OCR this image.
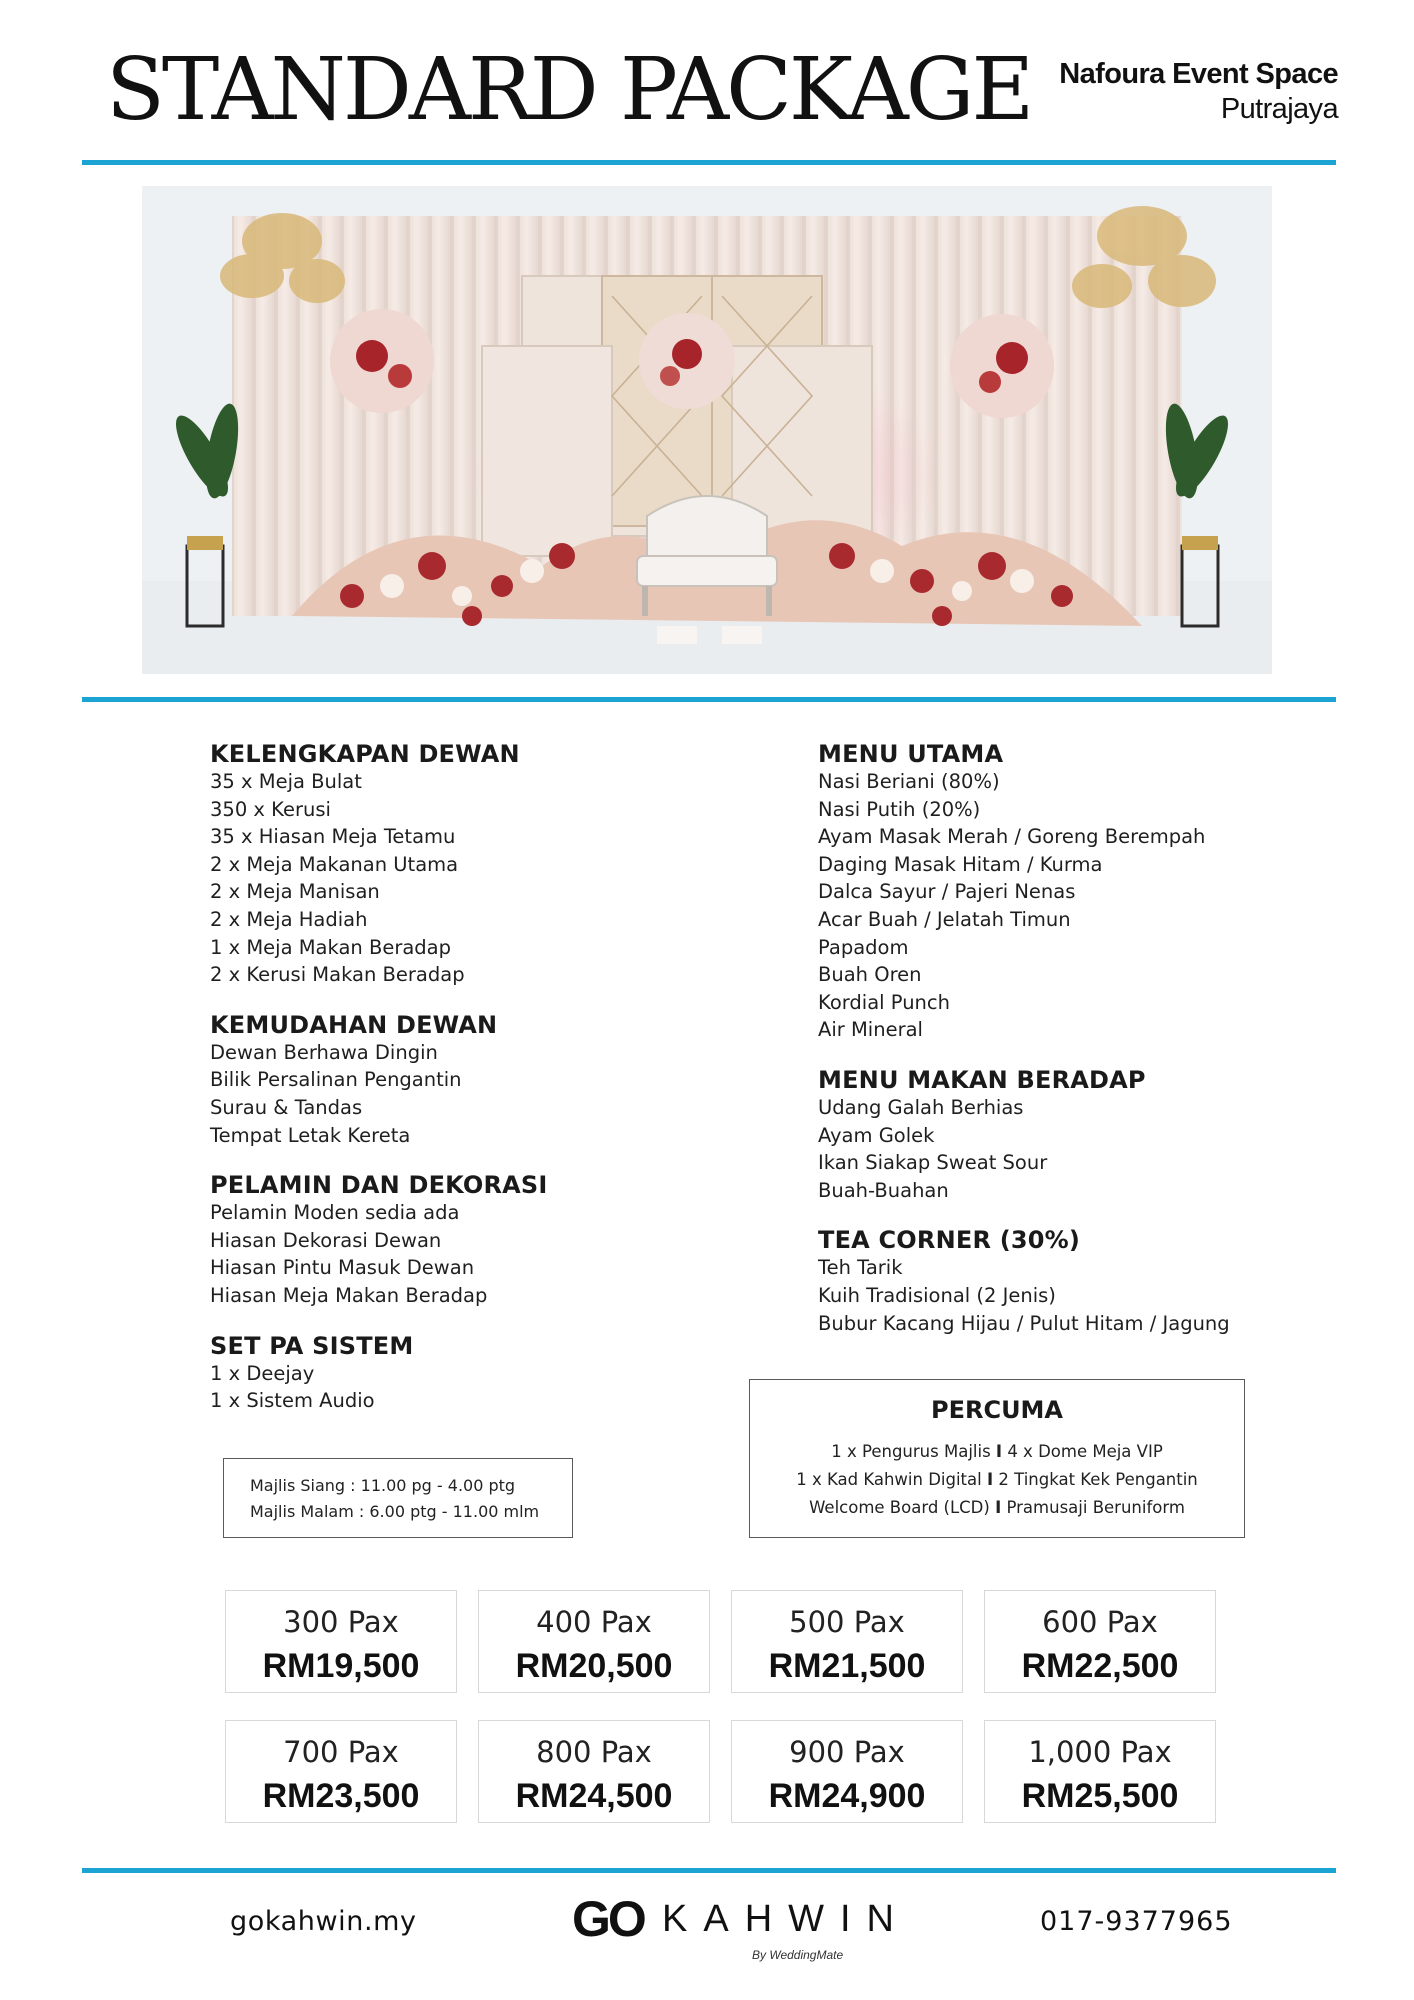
STANDARD PACKAGE Nafoura Event Space
Putrajaya
KELENGKAPAN DEWAN
35 x Meja Bulat
350 x Kerusi
35 x Hiasan Meja Tetamu
2 x Meja Makanan Utama
2 x Meja Manisan
2 x Meja Hadiah
1 x Meja Makan Beradap
2 x Kerusi Makan Beradap
KEMUDAHAN DEWAN
Dewan Berhawa Dingin
Bilik Persalinan Pengantin
Surau & Tandas
Tempat Letak Kereta
PELAMIN DAN DEKORASI
Pelamin Moden sedia ada
Hiasan Dekorasi Dewan
Hiasan Pintu Masuk Dewan
Hiasan Meja Makan Beradap
SET PA SISTEM
1 x Deejay
1 x Sistem Audio
MENU UTAMA
Nasi Beriani (80%)
Nasi Putih (20%)
Ayam Masak Merah / Goreng Berempah
Daging Masak Hitam / Kurma
Dalca Sayur / Pajeri Nenas
Acar Buah / Jelatah Timun
Papadom
Buah Oren
Kordial Punch
Air Mineral
MENU MAKAN BERADAP
Udang Galah Berhias
Ayam Golek
Ikan Siakap Sweat Sour
Buah-Buahan
TEA CORNER (30%)
Teh Tarik
Kuih Tradisional (2 Jenis)
Bubur Kacang Hijau / Pulut Hitam / Jagung
PERCUMA
1 x Pengurus Majlis I 4 x Dome Meja VIP
1 x Kad Kahwin Digital I 2 Tingkat Kek Pengantin
Welcome Board (LCD) I Pramusaji Beruniform
Majlis Siang : 11.00 pg - 4.00 ptg
Majlis Malam : 6.00 ptg - 11.00 mlm
300 Pax
RM19,500
400 Pax
RM20,500
500 Pax
RM21,500
600 Pax
RM22,500
700 Pax
RM23,500
800 Pax
RM24,500
900 Pax
RM24,900
1,000 Pax
RM25,500
gokahwin.my	GO KAHWIN
By WeddingMate
017-9377965
